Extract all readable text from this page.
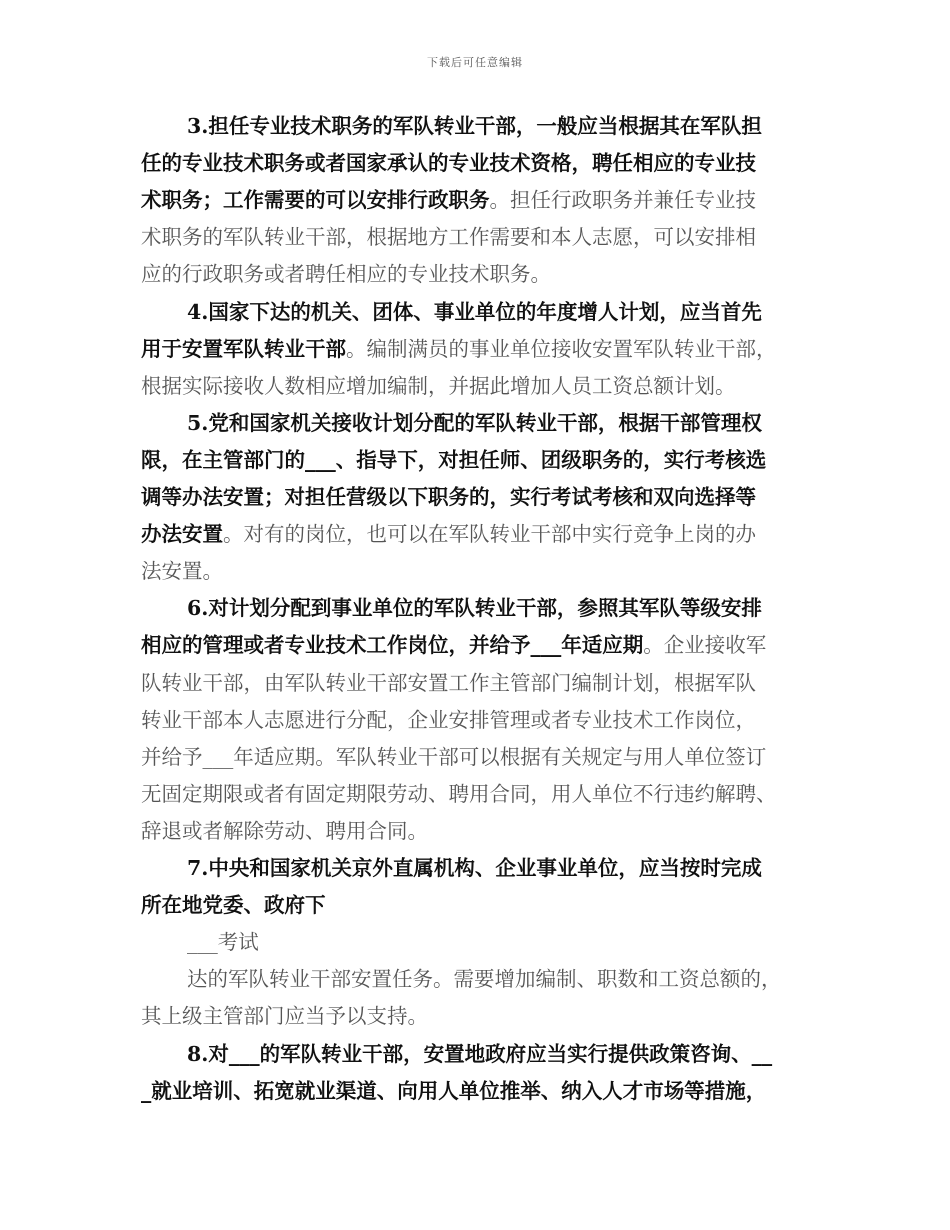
下载后可任意编辑
3.担任专业技术职务的军队转业干部，一般应当根据其在军队担
任的专业技术职务或者国家承认的专业技术资格，聘任相应的专业技
术职务；工作需要的可以安排行政职务。担任行政职务并兼任专业技
术职务的军队转业干部，根据地方工作需要和本人志愿，可以安排相
应的行政职务或者聘任相应的专业技术职务。
4.国家下达的机关、团体、事业单位的年度增人计划，应当首先
用于安置军队转业干部。编制满员的事业单位接收安置军队转业干部，
根据实际接收人数相应增加编制，并据此增加人员工资总额计划。
5.党和国家机关接收计划分配的军队转业干部，根据干部管理权
限，在主管部门的___、指导下，对担任师、团级职务的，实行考核选
调等办法安置；对担任营级以下职务的，实行考试考核和双向选择等
办法安置。对有的岗位，也可以在军队转业干部中实行竞争上岗的办
法安置。
6.对计划分配到事业单位的军队转业干部，参照其军队等级安排
相应的管理或者专业技术工作岗位，并给予___年适应期。企业接收军
队转业干部，由军队转业干部安置工作主管部门编制计划，根据军队
转业干部本人志愿进行分配，企业安排管理或者专业技术工作岗位，
并给予___年适应期。军队转业干部可以根据有关规定与用人单位签订
无固定期限或者有固定期限劳动、聘用合同，用人单位不行违约解聘、
辞退或者解除劳动、聘用合同。
7.中央和国家机关京外直属机构、企业事业单位，应当按时完成
所在地党委、政府下
___考试
达的军队转业干部安置任务。需要增加编制、职数和工资总额的，
其上级主管部门应当予以支持。
8.对___的军队转业干部，安置地政府应当实行提供政策咨询、__
_就业培训、拓宽就业渠道、向用人单位推举、纳入人才市场等措施，
